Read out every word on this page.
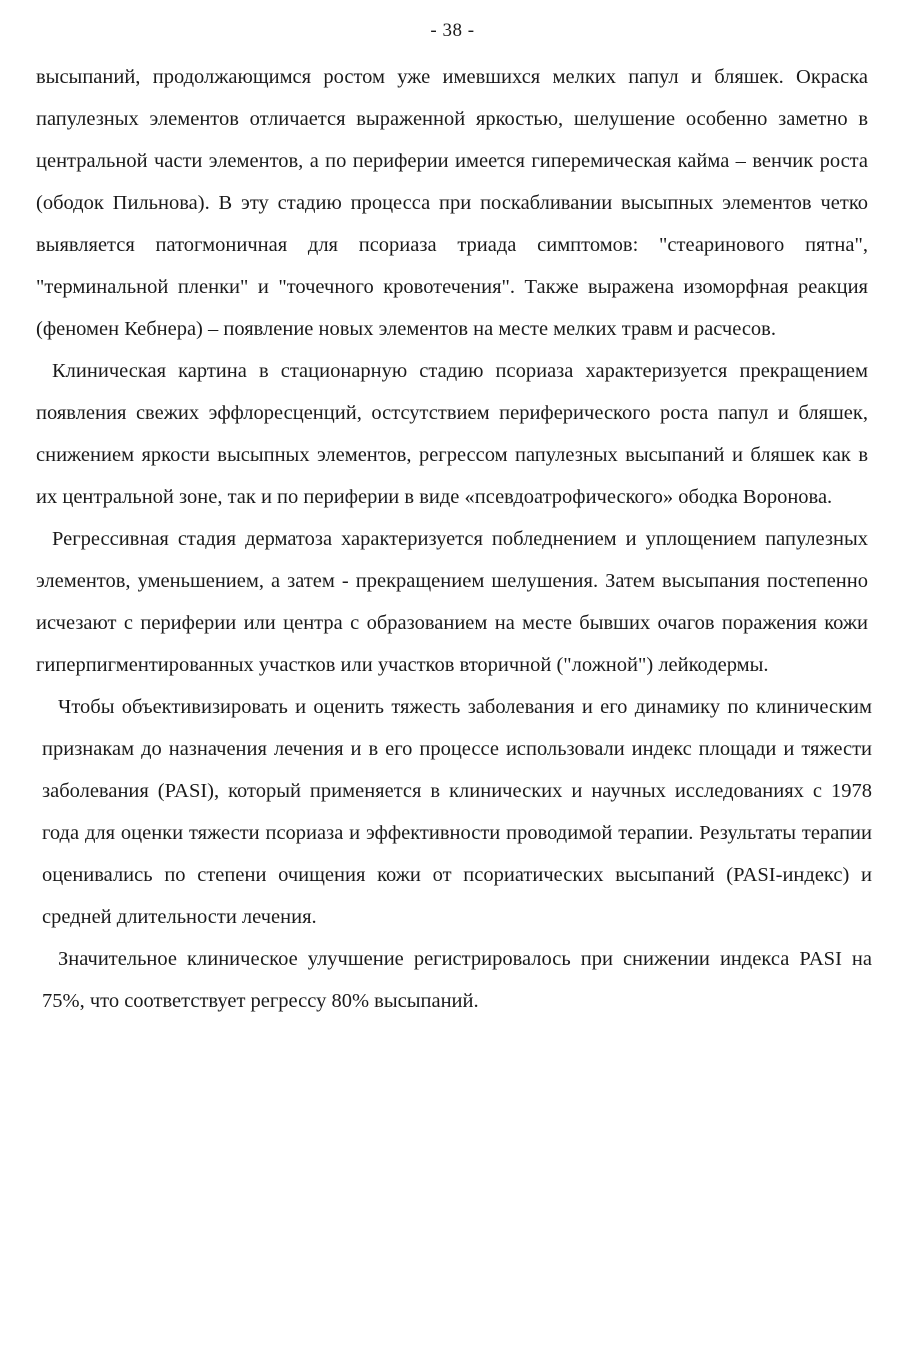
- 38 -

высыпаний, продолжающимся ростом уже имевшихся мелких папул и бляшек. Окраска папулезных элементов отличается выраженной яркостью, шелушение особенно заметно в центральной части элементов, а по периферии имеется гиперемическая кайма – венчик роста (ободок Пильнова). В эту стадию процесса при поскабливании высыпных элементов четко выявляется патогмоничная для псориаза триада симптомов: "стеаринового пятна", "терминальной пленки" и "точечного кровотечения". Также выражена изоморфная реакция (феномен Кебнера) – появление новых элементов на месте мелких травм и расчесов.

Клиническая картина в стационарную стадию псориаза характеризуется прекращением появления свежих эффлоресценций, остсутствием периферического роста папул и бляшек, снижением яркости высыпных элементов, регрессом папулезных высыпаний и бляшек как в их центральной зоне, так и по периферии в виде «псевдоатрофического» ободка Воронова.

Регрессивная стадия дерматоза характеризуется побледнением и уплощением папулезных элементов, уменьшением, а затем - прекращением шелушения. Затем высыпания постепенно исчезают с периферии или центра с образованием на месте бывших очагов поражения кожи гиперпигментированных участков или участков вторичной ("ложной") лейкодермы.

Чтобы объективизировать и оценить тяжесть заболевания и его динамику по клиническим признакам до назначения лечения и в его процессе использовали индекс площади и тяжести заболевания (PASI), который применяется в клинических и научных исследованиях с 1978 года для оценки тяжести псориаза и эффективности проводимой терапии. Результаты терапии оценивались по степени очищения кожи от псориатических высыпаний (PASI-индекс) и средней длительности лечения.

Значительное клиническое улучшение регистрировалось при снижении индекса PASI на 75%, что соответствует регрессу 80% высыпаний.
